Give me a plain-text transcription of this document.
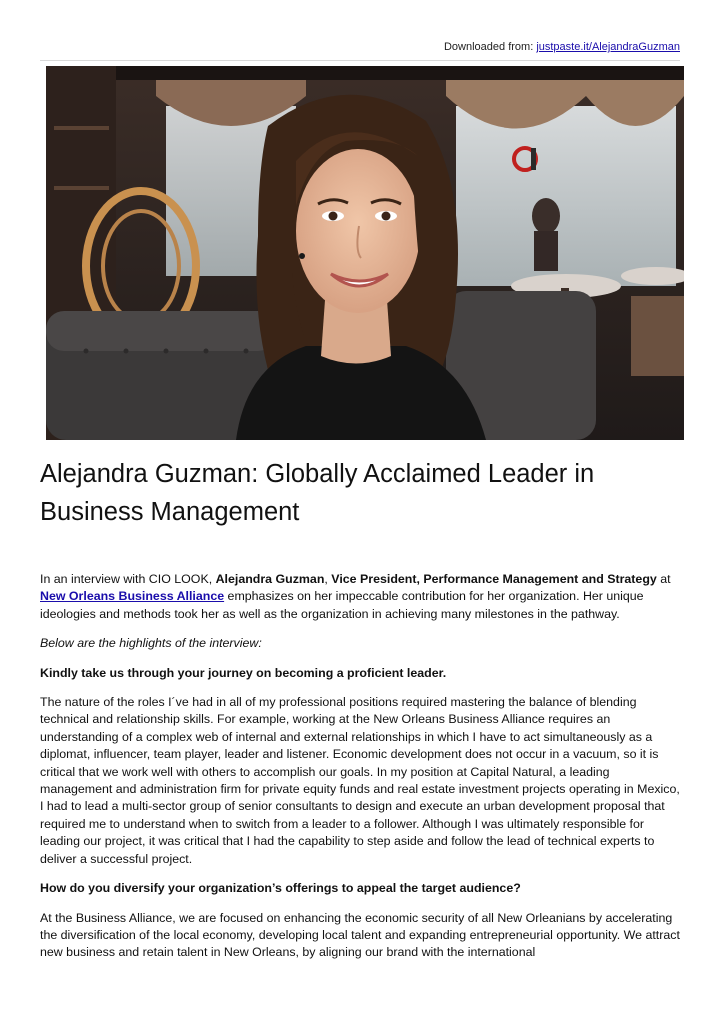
Downloaded from: justpaste.it/AlejandraGuzman
Alejandra Guzman: Globally Acclaimed Leader in Business Management

In an interview with CIO LOOK, Alejandra Guzman, Vice President, Performance Management and Strategy at New Orleans Business Alliance emphasizes on her impeccable contribution for her organization. Her unique ideologies and methods took her as well as the organization in achieving many milestones in the pathway.

Below are the highlights of the interview:

Kindly take us through your journey on becoming a proficient leader.

The nature of the roles I´ve had in all of my professional positions required mastering the balance of blending technical and relationship skills. For example, working at the New Orleans Business Alliance requires an understanding of a complex web of internal and external relationships in which I have to act simultaneously as a diplomat, influencer, team player, leader and listener. Economic development does not occur in a vacuum, so it is critical that we work well with others to accomplish our goals. In my position at Capital Natural, a leading management and administration firm for private equity funds and real estate investment projects operating in Mexico, I had to lead a multi-sector group of senior consultants to design and execute an urban development proposal that required me to understand when to switch from a leader to a follower. Although I was ultimately responsible for leading our project, it was critical that I had the capability to step aside and follow the lead of technical experts to deliver a successful project.

How do you diversify your organization’s offerings to appeal the target audience?

At the Business Alliance, we are focused on enhancing the economic security of all New Orleanians by accelerating the diversification of the local economy, developing local talent and expanding entrepreneurial opportunity. We attract new business and retain talent in New Orleans, by aligning our brand with the international
